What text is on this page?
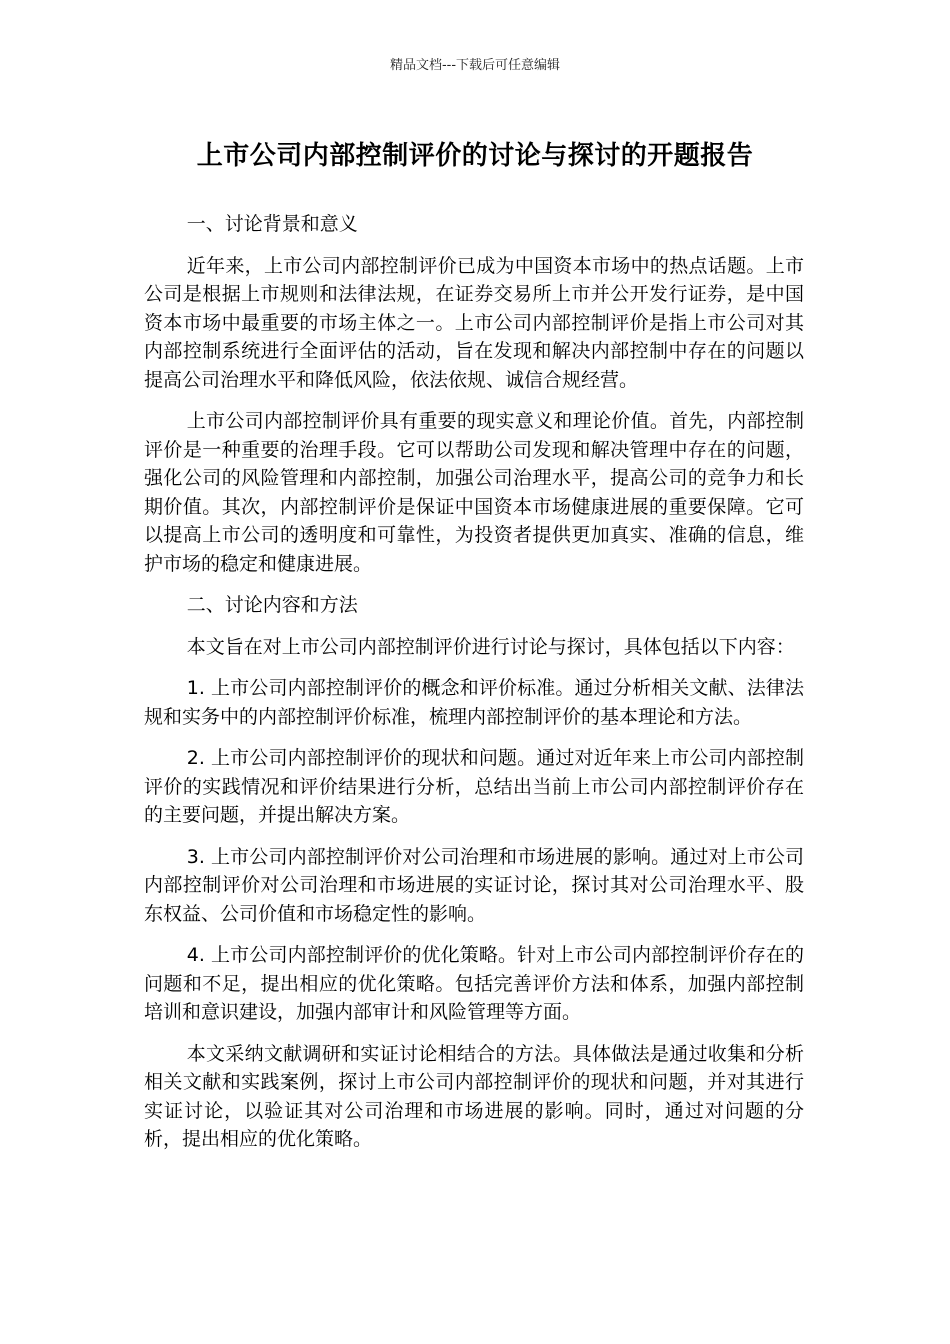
精品文档---下载后可任意编辑
上市公司内部控制评价的讨论与探讨的开题报告

一、讨论背景和意义

近年来，上市公司内部控制评价已成为中国资本市场中的热点话题。上市公司是根据上市规则和法律法规，在证券交易所上市并公开发行证券，是中国资本市场中最重要的市场主体之一。上市公司内部控制评价是指上市公司对其内部控制系统进行全面评估的活动，旨在发现和解决内部控制中存在的问题以提高公司治理水平和降低风险，依法依规、诚信合规经营。

上市公司内部控制评价具有重要的现实意义和理论价值。首先，内部控制评价是一种重要的治理手段。它可以帮助公司发现和解决管理中存在的问题，强化公司的风险管理和内部控制，加强公司治理水平，提高公司的竞争力和长期价值。其次，内部控制评价是保证中国资本市场健康进展的重要保障。它可以提高上市公司的透明度和可靠性，为投资者提供更加真实、准确的信息，维护市场的稳定和健康进展。

二、讨论内容和方法

本文旨在对上市公司内部控制评价进行讨论与探讨，具体包括以下内容：

1. 上市公司内部控制评价的概念和评价标准。通过分析相关文献、法律法规和实务中的内部控制评价标准，梳理内部控制评价的基本理论和方法。

2. 上市公司内部控制评价的现状和问题。通过对近年来上市公司内部控制评价的实践情况和评价结果进行分析，总结出当前上市公司内部控制评价存在的主要问题，并提出解决方案。

3. 上市公司内部控制评价对公司治理和市场进展的影响。通过对上市公司内部控制评价对公司治理和市场进展的实证讨论，探讨其对公司治理水平、股东权益、公司价值和市场稳定性的影响。

4. 上市公司内部控制评价的优化策略。针对上市公司内部控制评价存在的问题和不足，提出相应的优化策略。包括完善评价方法和体系，加强内部控制培训和意识建设，加强内部审计和风险管理等方面。

本文采纳文献调研和实证讨论相结合的方法。具体做法是通过收集和分析相关文献和实践案例，探讨上市公司内部控制评价的现状和问题，并对其进行实证讨论，以验证其对公司治理和市场进展的影响。同时，通过对问题的分析，提出相应的优化策略。
